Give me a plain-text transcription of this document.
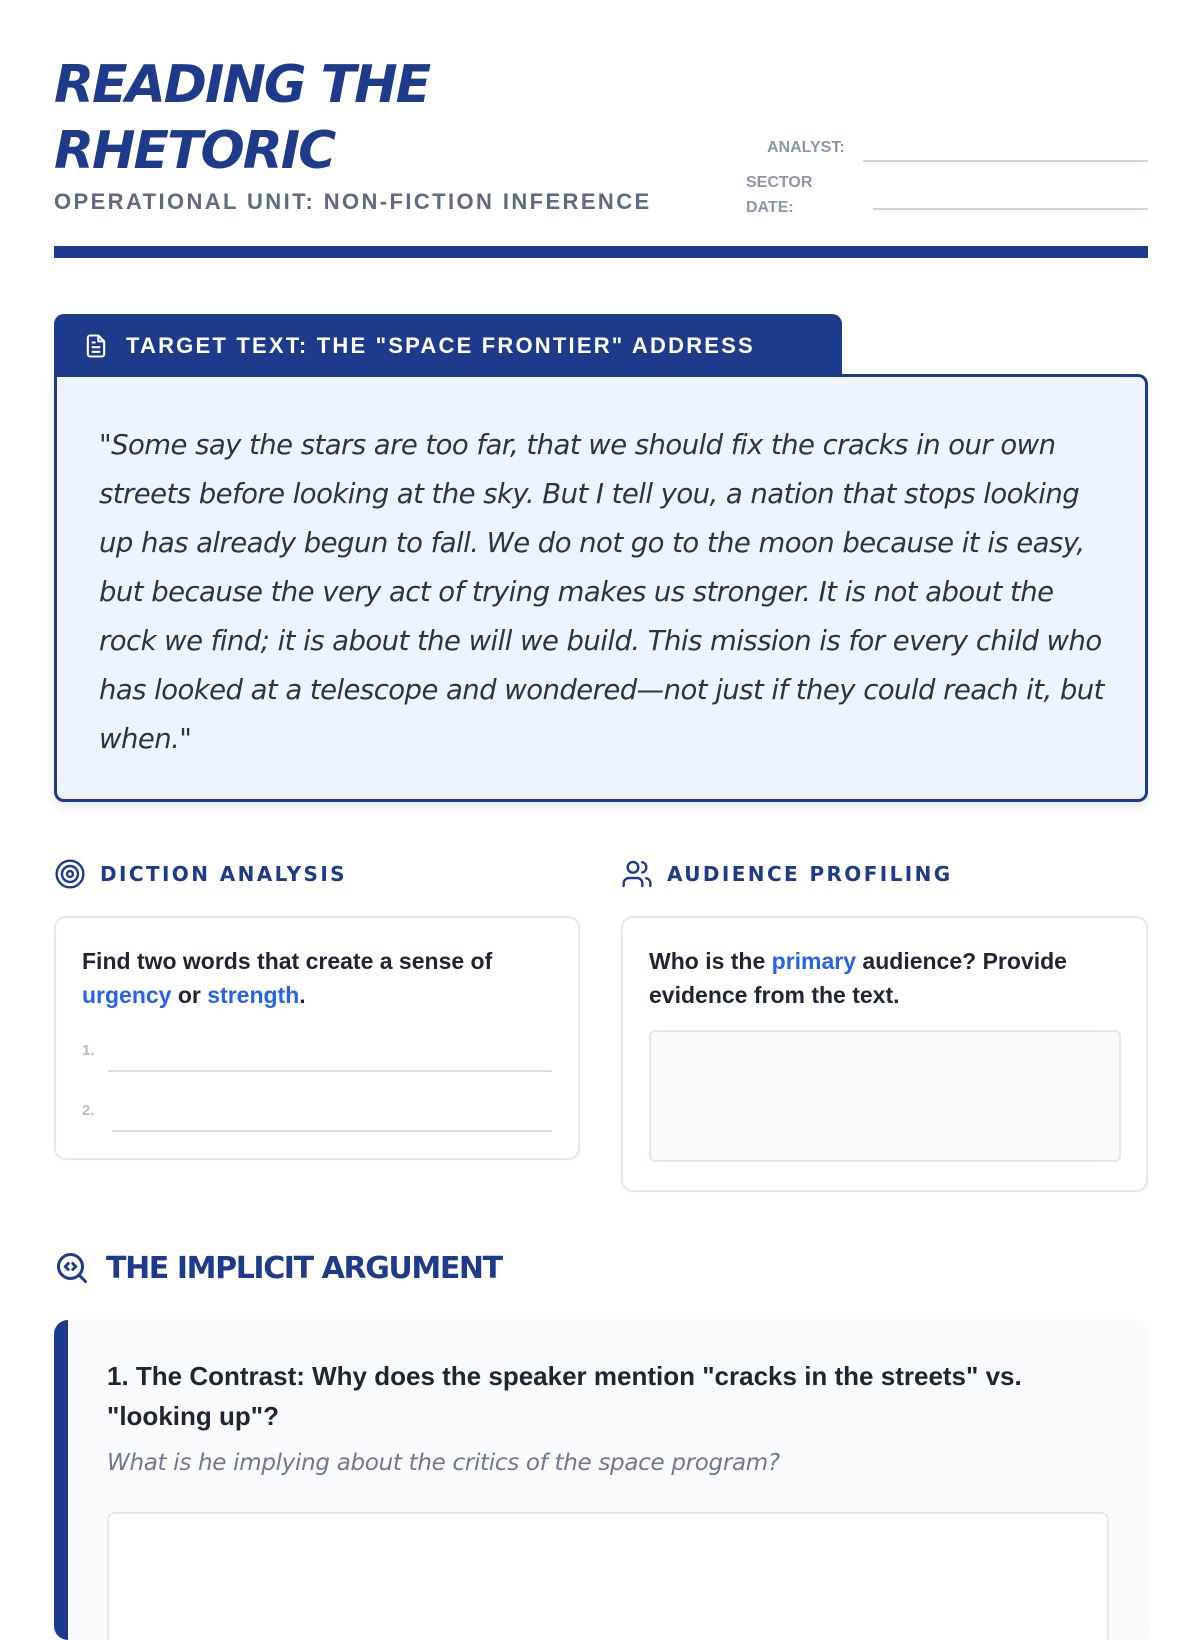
READING THE
RHETORIC
OPERATIONAL UNIT: NON-FICTION INFERENCE
ANALYST:
SECTOR
DATE:
TARGET TEXT: THE "SPACE FRONTIER" ADDRESS

"Some say the stars are too far, that we should fix the cracks in our own streets before looking at the sky. But I tell you, a nation that stops looking up has already begun to fall. We do not go to the moon because it is easy, but because the very act of trying makes us stronger. It is not about the rock we find; it is about the will we build. This mission is for every child who has looked at a telescope and wondered—not just if they could reach it, but when."

DICTION ANALYSIS
Find two words that create a sense of urgency or strength.
1.
2.
AUDIENCE PROFILING
Who is the primary audience? Provide evidence from the text.
THE IMPLICIT ARGUMENT

1. The Contrast: Why does the speaker mention "cracks in the streets" vs. "looking up"?

What is he implying about the critics of the space program?
